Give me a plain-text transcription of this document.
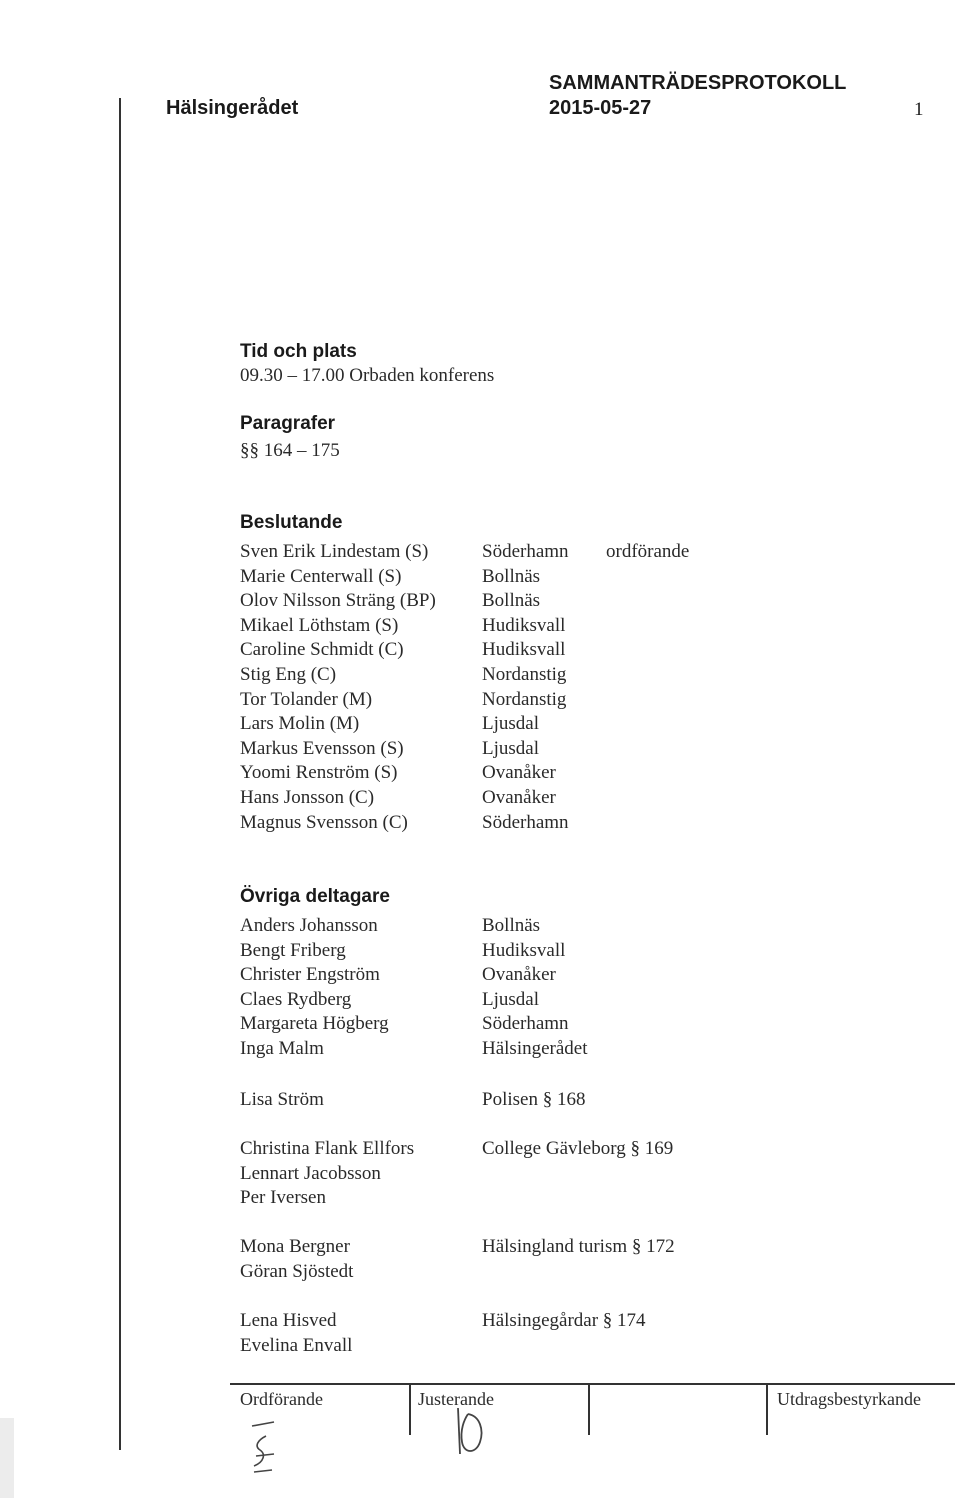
Hälsingerådet
SAMMANTRÄDESPROTOKOLL
2015-05-27	1
Tid och plats
09.30 – 17.00 Orbaden konferens
Paragrafer
§§ 164 – 175
Beslutande
Sven Erik Lindestam (S)	Söderhamn ordförande
Marie Centerwall (S)	Bollnäs
Olov Nilsson Sträng (BP) Bollnäs
Mikael Löthstam (S)	Hudiksvall
Caroline Schmidt (C)	Hudiksvall
Stig Eng (C)	Nordanstig
Tor Tolander (M)	Nordanstig
Lars Molin (M)	Ljusdal
Markus Evensson (S)	Ljusdal
Yoomi Renström (S)	Ovanåker
Hans Jonsson (C)	Ovanåker
Magnus Svensson (C)	Söderhamn
Övriga deltagare
Anders Johansson	Bollnäs
Bengt Friberg	Hudiksvall
Christer Engström	Ovanåker
Claes Rydberg	Ljusdal
Margareta Högberg	Söderhamn
Inga Malm	Hälsingerådet
Lisa Ström	Polisen § 168
Christina Flank Ellfors	College Gävleborg § 169
Lennart Jacobsson
Per Iversen
Mona Bergner	Hälsingland turism § 172
Göran Sjöstedt
Lena Hisved	Hälsingegårdar § 174
Evelina Envall
Ordförande	Justerande	Utdragsbestyrkande
